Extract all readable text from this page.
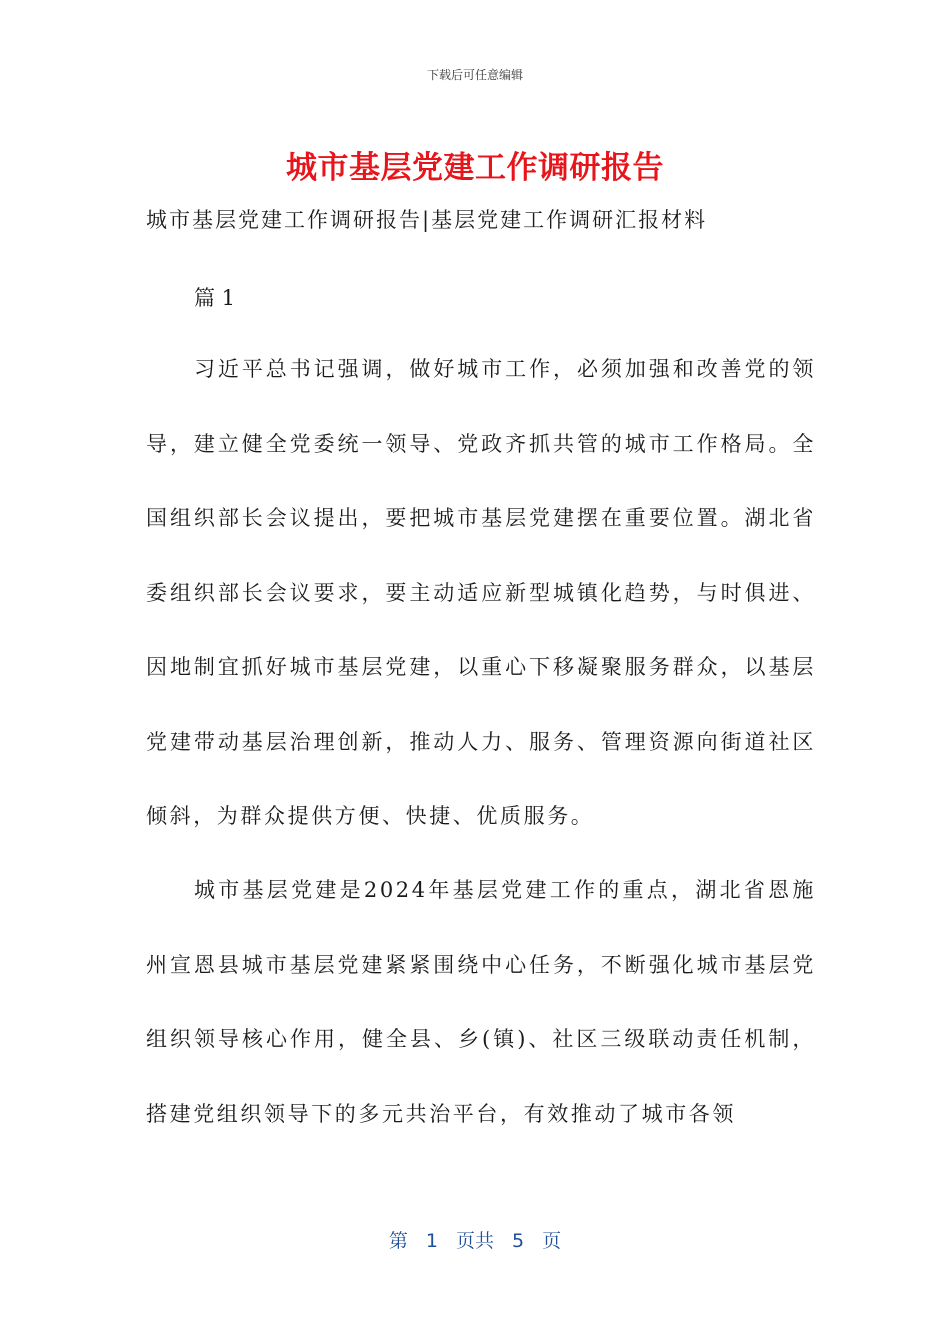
下载后可任意编辑
城市基层党建工作调研报告
城市基层党建工作调研报告|基层党建工作调研汇报材料
篇 1

习近平总书记强调，做好城市工作，必须加强和改善党的领导，建立健全党委统一领导、党政齐抓共管的城市工作格局。全国组织部长会议提出，要把城市基层党建摆在重要位置。湖北省委组织部长会议要求，要主动适应新型城镇化趋势，与时俱进、因地制宜抓好城市基层党建，以重心下移凝聚服务群众，以基层党建带动基层治理创新，推动人力、服务、管理资源向街道社区倾斜，为群众提供方便、快捷、优质服务。

城市基层党建是2024年基层党建工作的重点，湖北省恩施州宣恩县城市基层党建紧紧围绕中心任务，不断强化城市基层党组织领导核心作用，健全县、乡(镇)、社区三级联动责任机制，搭建党组织领导下的多元共治平台，有效推动了城市各领

第 1 页共 5 页
